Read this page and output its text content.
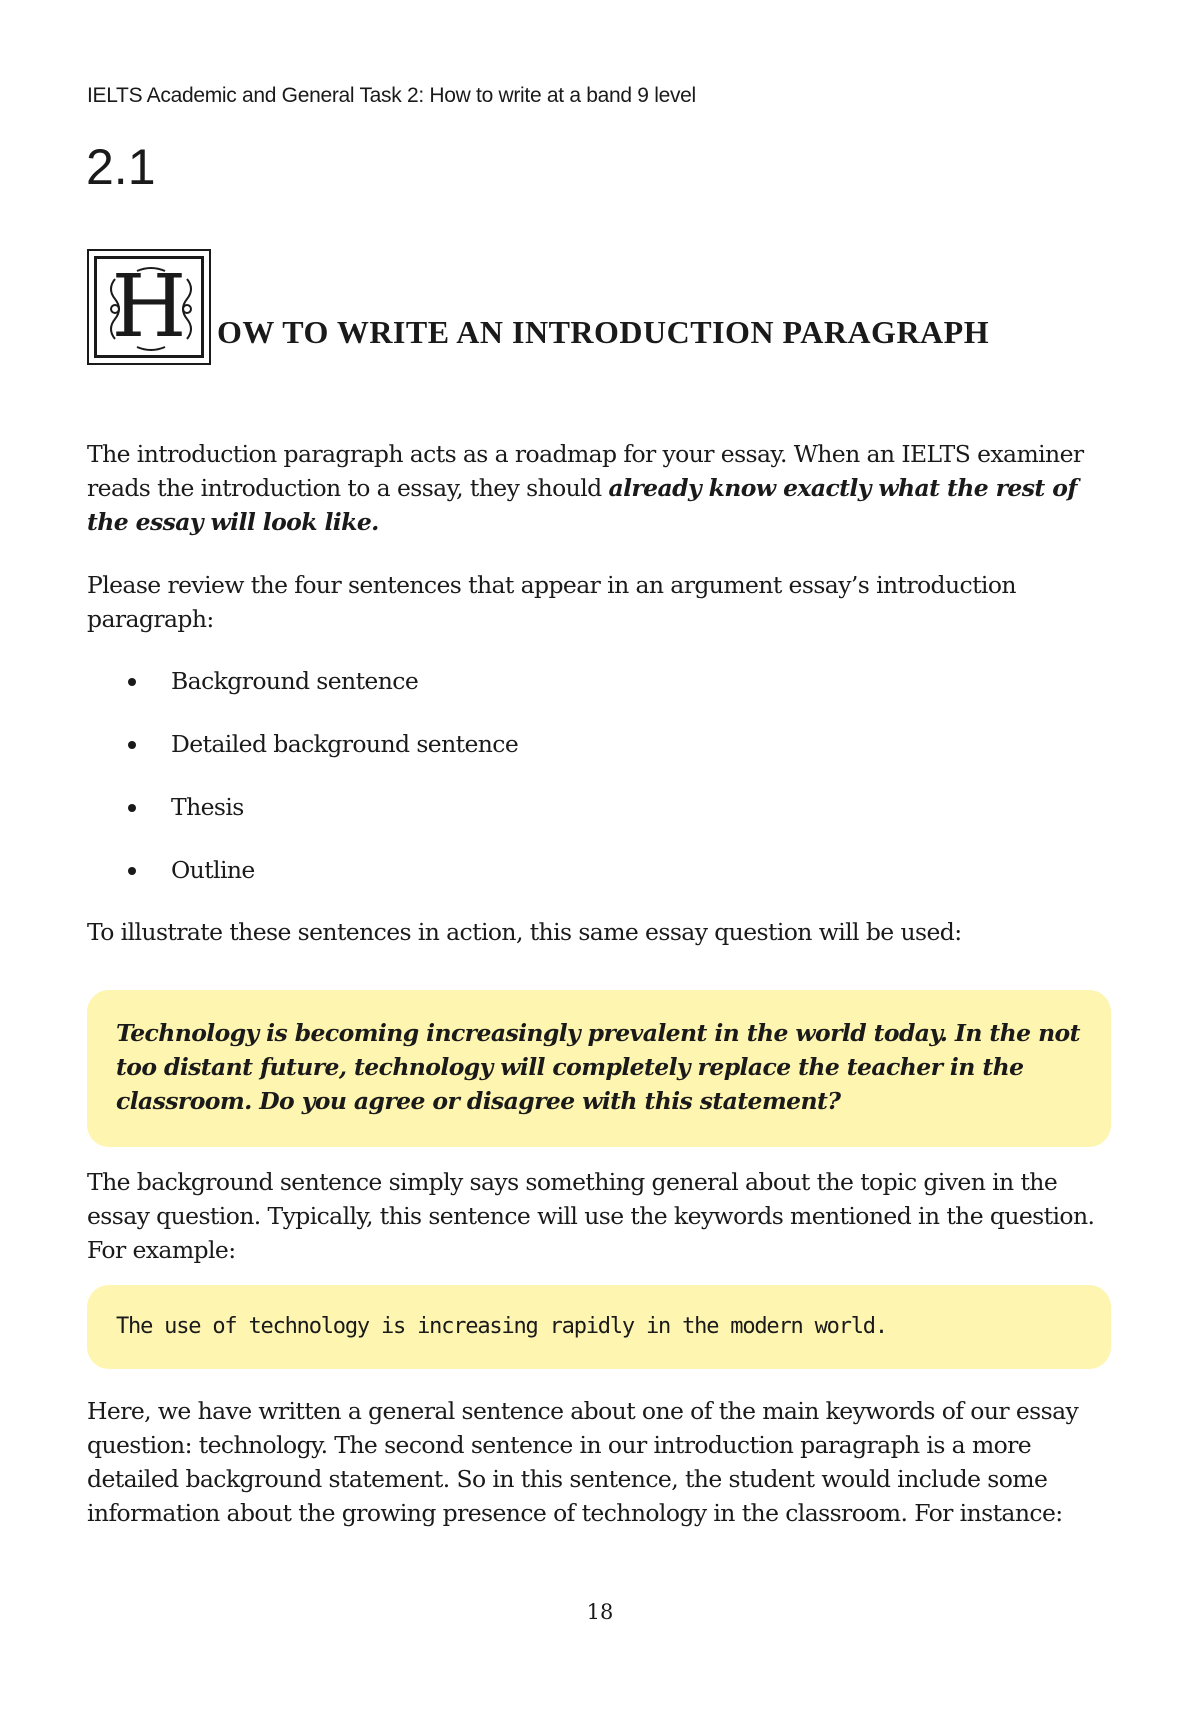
IELTS Academic and General Task 2: How to write at a band 9 level
2.1
H OW TO WRITE AN INTRODUCTION PARAGRAPH

The introduction paragraph acts as a roadmap for your essay. When an IELTS examiner reads the introduction to a essay, they should already know exactly what the rest of the essay will look like.

Please review the four sentences that appear in an argument essay’s introduction paragraph:

Background sentence
Detailed background sentence
Thesis
Outline

To illustrate these sentences in action, this same essay question will be used:

Technology is becoming increasingly prevalent in the world today. In the not too distant future, technology will completely replace the teacher in the classroom. Do you agree or disagree with this statement?

The background sentence simply says something general about the topic given in the essay question. Typically, this sentence will use the keywords mentioned in the question. For example:

The use of technology is increasing rapidly in the modern world.

Here, we have written a general sentence about one of the main keywords of our essay question: technology. The second sentence in our introduction paragraph is a more detailed background statement. So in this sentence, the student would include some information about the growing presence of technology in the classroom. For instance:

18
